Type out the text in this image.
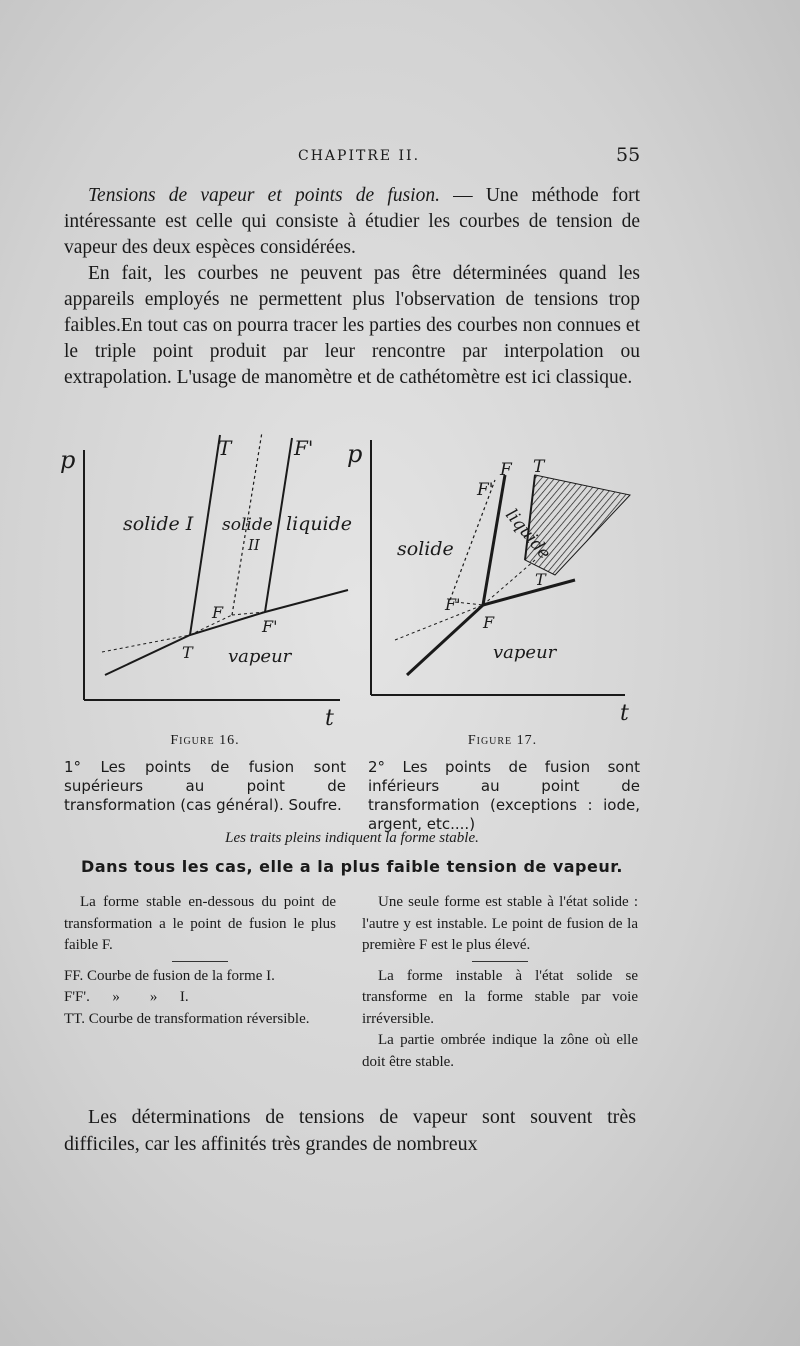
CHAPITRE II.	55

Tensions de vapeur et points de fusion. — Une méthode fort intéressante est celle qui consiste à étudier les courbes de tension de vapeur des deux espèces considérées.

En fait, les courbes ne peuvent pas être déterminées quand les appareils employés ne permettent plus l'observation de tensions trop faibles.En tout cas on pourra tracer les parties des courbes non connues et le triple point produit par leur rencontre par interpolation ou extrapolation. L'usage de manomètre et de cathétomètre est ici classique.

p
t
T	F'
solide I solide
II
liquide
F
F'
T vapeur
p
t
F'
F T
solide	liquide
F'
T
F
vapeur
Figure 16.	Figure 17.
1° Les points de fusion sont supérieurs au point de transformation (cas général). Soufre.
2° Les points de fusion sont inférieurs au point de transformation (exceptions : iode, argent, etc....)
Les traits pleins indiquent la forme stable.
Dans tous les cas, elle a la plus faible tension de vapeur.

La forme stable en-dessous du point de transformation a le point de fusion le plus faible F.

FF. Courbe de fusion de la forme I.

F'F'.      »        »      I.

TT. Courbe de transformation réversible.

Une seule forme est stable à l'état solide : l'autre y est instable. Le point de fusion de la première F est le plus élevé.

La forme instable à l'état solide se transforme en la forme stable par voie irréversible.

La partie ombrée indique la zône où elle doit être stable.

Les déterminations de tensions de vapeur sont souvent très difficiles, car les affinités très grandes de nombreux
